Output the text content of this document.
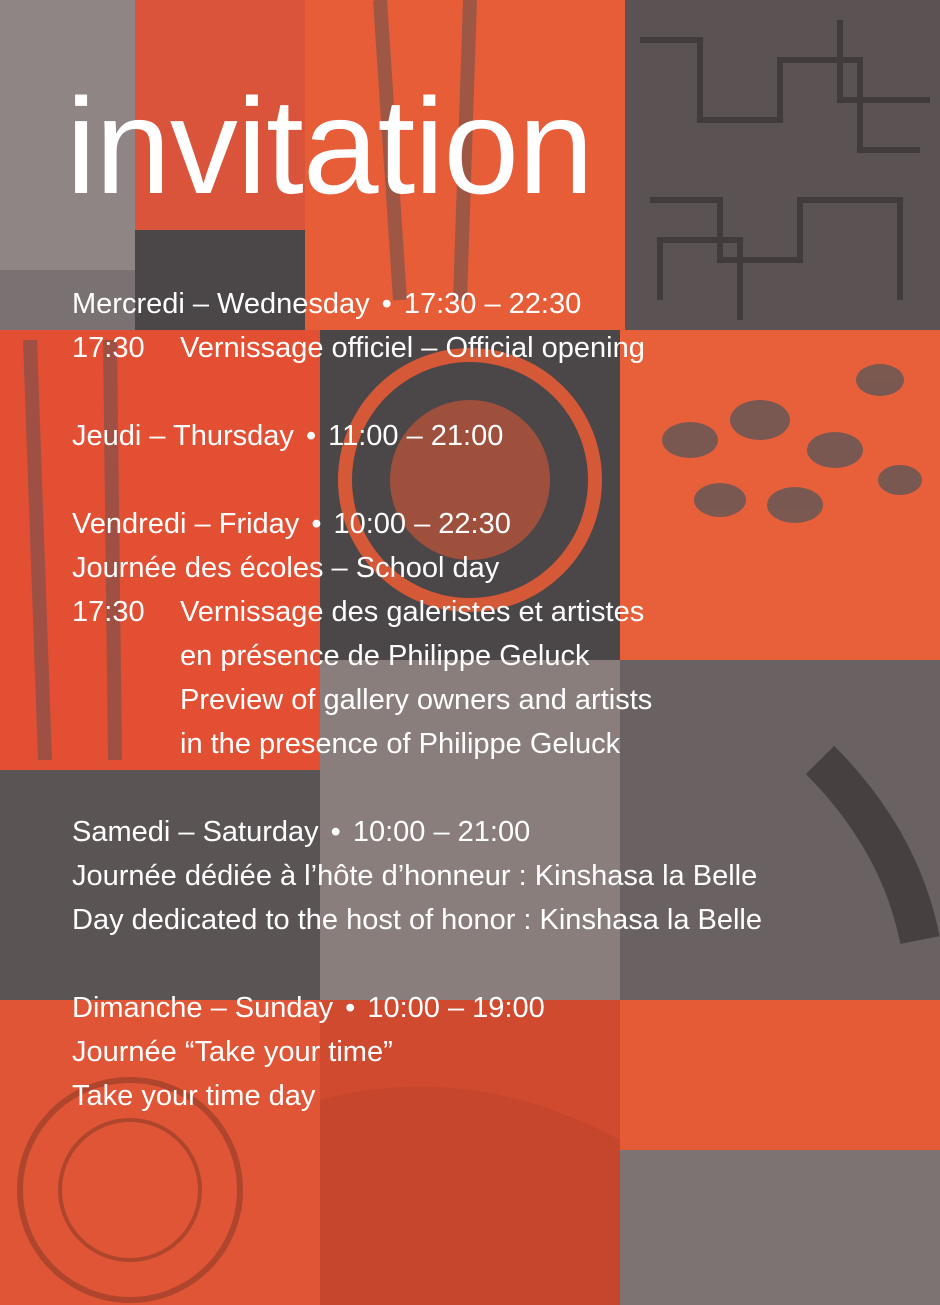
invitation
Mercredi – Wednesday • 17:30 – 22:30
17:30 Vernissage officiel – Official opening
Jeudi – Thursday • 11:00 – 21:00
Vendredi – Friday • 10:00 – 22:30
Journée des écoles – School day
17:30 Vernissage des galeristes et artistes
en présence de Philippe Geluck
Preview of gallery owners and artists
in the presence of Philippe Geluck
Samedi – Saturday • 10:00 – 21:00
Journée dédiée à l’hôte d’honneur : Kinshasa la Belle
Day dedicated to the host of honor : Kinshasa la Belle
Dimanche – Sunday • 10:00 – 19:00
Journée “Take your time”
Take your time day
